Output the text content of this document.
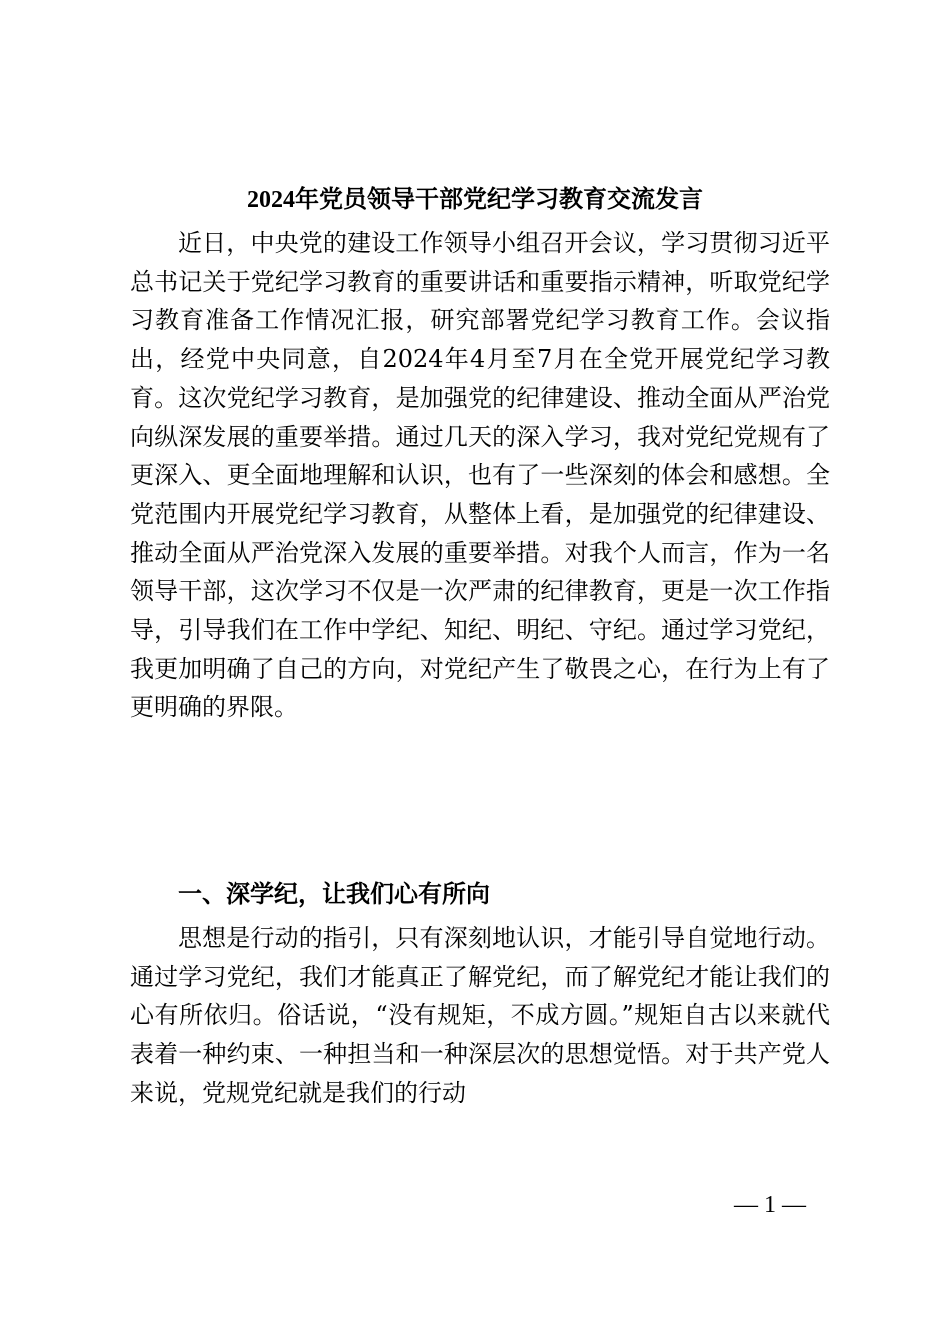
2024年党员领导干部党纪学习教育交流发言

近日，中央党的建设工作领导小组召开会议，学习贯彻习近平总书记关于党纪学习教育的重要讲话和重要指示精神，听取党纪学习教育准备工作情况汇报，研究部署党纪学习教育工作。会议指出，经党中央同意，自2024年4月至7月在全党开展党纪学习教育。这次党纪学习教育，是加强党的纪律建设、推动全面从严治党向纵深发展的重要举措。通过几天的深入学习，我对党纪党规有了更深入、更全面地理解和认识，也有了一些深刻的体会和感想。全党范围内开展党纪学习教育，从整体上看，是加强党的纪律建设、推动全面从严治党深入发展的重要举措。对我个人而言，作为一名领导干部，这次学习不仅是一次严肃的纪律教育，更是一次工作指导，引导我们在工作中学纪、知纪、明纪、守纪。通过学习党纪，我更加明确了自己的方向，对党纪产生了敬畏之心，在行为上有了更明确的界限。

一、深学纪，让我们心有所向

思想是行动的指引，只有深刻地认识，才能引导自觉地行动。通过学习党纪，我们才能真正了解党纪，而了解党纪才能让我们的心有所依归。俗话说，“没有规矩，不成方圆。”规矩自古以来就代表着一种约束、一种担当和一种深层次的思想觉悟。对于共产党人来说，党规党纪就是我们的行动

— 1 —
